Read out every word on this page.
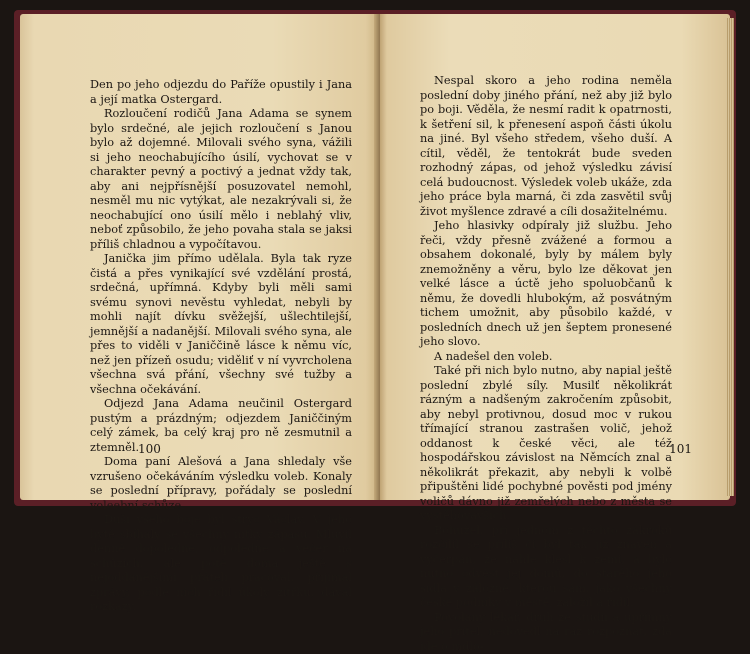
Den po jeho odjezdu do Paříže opustily i Jana a její matka Ostergard.

Rozloučení rodičů Jana Adama se synem bylo srdečné, ale jejich rozloučení s Janou bylo až dojemné. Milovali svého syna, vážili si jeho neochabujícího úsilí, vychovat se v charakter pevný a poctivý a jednat vždy tak, aby ani nejpřísnější posuzovatel nemohl, nesměl mu nic vytýkat, ale nezakrývali si, že neochabující ono úsilí mělo i neblahý vliv, neboť způsobilo, že jeho povaha stala se jaksi příliš chladnou a vypočítavou.

Janička jim přímo udělala. Byla tak ryze čistá a přes vynikající své vzdělání prostá, srdečná, upřímná. Kdyby byli měli sami svému synovi nevěstu vyhledat, nebyli by mohli najít dívku svěžejší, ušlechtilejší, jemnější a nadanější. Milovali svého syna, ale přes to viděli v Janiččině lásce k němu víc, než jen přízeň osudu; viděliť v ní vyvrcholena všechna svá přání, všechny své tužby a všechna očekávání.

Odjezd Jana Adama neučinil Ostergard pustým a prázdným; odjezdem Janiččiným celý zámek, ba celý kraj pro ně zesmutnil a ztemněl.

Doma paní Alešová a Jana shledaly vše vzrušeno očekáváním výsledku voleb. Konaly se poslední přípravy, pořádaly se poslední voleební schůze.

Duší všeho boje byl strýc Václav. V jeho bytě sbíhaly se všechny nitky zápasu. Mluvil denně dopoledne, odpoledne a večer na schůzích, ale poté doma ještě s nejoddanějšími přáteli pracoval, přijímal zprávy, podle nich řídil úkoly zítřku, dával rozkazy.

100

Nespal skoro a jeho rodina neměla poslední doby jiného přání, než aby již bylo po boji. Věděla, že nesmí radit k opatrnosti, k šetření sil, k přenesení aspoň části úkolu na jiné. Byl všeho středem, všeho duší. A cítil, věděl, že tentokrát bude sveden rozhodný zápas, od jehož výsledku závisí celá budoucnost. Výsledek voleb ukáže, zda jeho práce byla marná, či zda zasvětil svůj život myšlence zdravé a cíli dosažitelnému.

Jeho hlasivky odpíraly již službu. Jeho řeči, vždy přesně zvážené a formou a obsahem dokonalé, byly by málem byly znemožněny a věru, bylo lze děkovat jen velké lásce a úctě jeho spoluobčanů k němu, že dovedli hlubokým, až posvátným tichem umožnit, aby působilo každé, v posledních dnech už jen šeptem pronesené jeho slovo.

A nadešel den voleb.

Také při nich bylo nutno, aby napial ještě poslední zbylé síly. Musilť několikrát rázným a nadšeným zakročením způsobit, aby nebyl protivnou, dosud moc v rukou třímající stranou zastrašen volič, jehož oddanost k české věci, ale též hospodářskou závislost na Němcích znal a několikrát překazit, aby nebyli k volbě připuštěni lidé pochybné pověsti pod jmény voličů dávno již zemřelých nebo z města se vystěhovavších.

Bohužel, při jednom z těchto zákroků rozčilil se příliš či byl tak již znaven a vyčerpán, že náhle klesl k zemi, a bylo nutno odvést jej domů, do starého jeho sídla v záložně, kterou sám, jako všechny české podniky v městě, založil a řídil.

Povolaný lékař, druh ze studií a upřímný jeho přítel, nedovedl na ráz rozpoznat, zda jde o mdlo-

101
